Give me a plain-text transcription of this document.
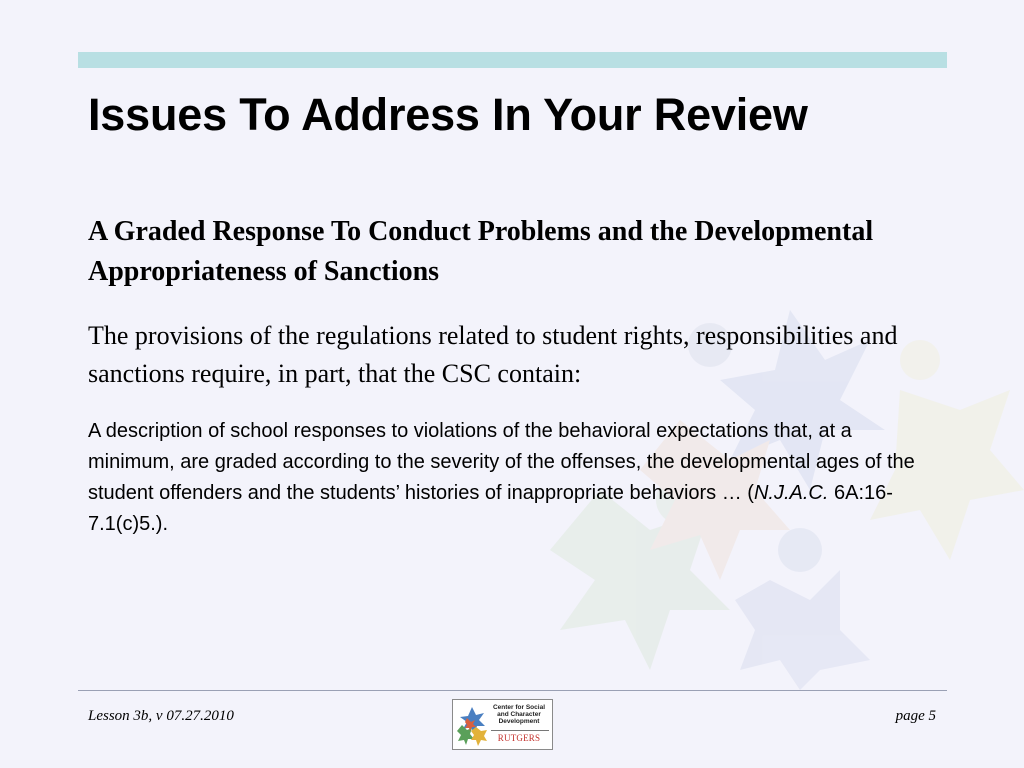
Issues To Address In Your Review
A Graded Response To Conduct Problems and the Developmental Appropriateness of Sanctions

The provisions of the regulations related to student rights, responsibilities and sanctions require, in part, that the CSC contain:

A description of school responses to violations of the behavioral expectations that, at a minimum, are graded according to the severity of the offenses, the developmental ages of the student offenders and the students’ histories of inappropriate behaviors … (N.J.A.C. 6A:16-7.1(c)5.).

Lesson 3b, v 07.27.2010
Center for Social and Character Development
RUTGERS
page 5
